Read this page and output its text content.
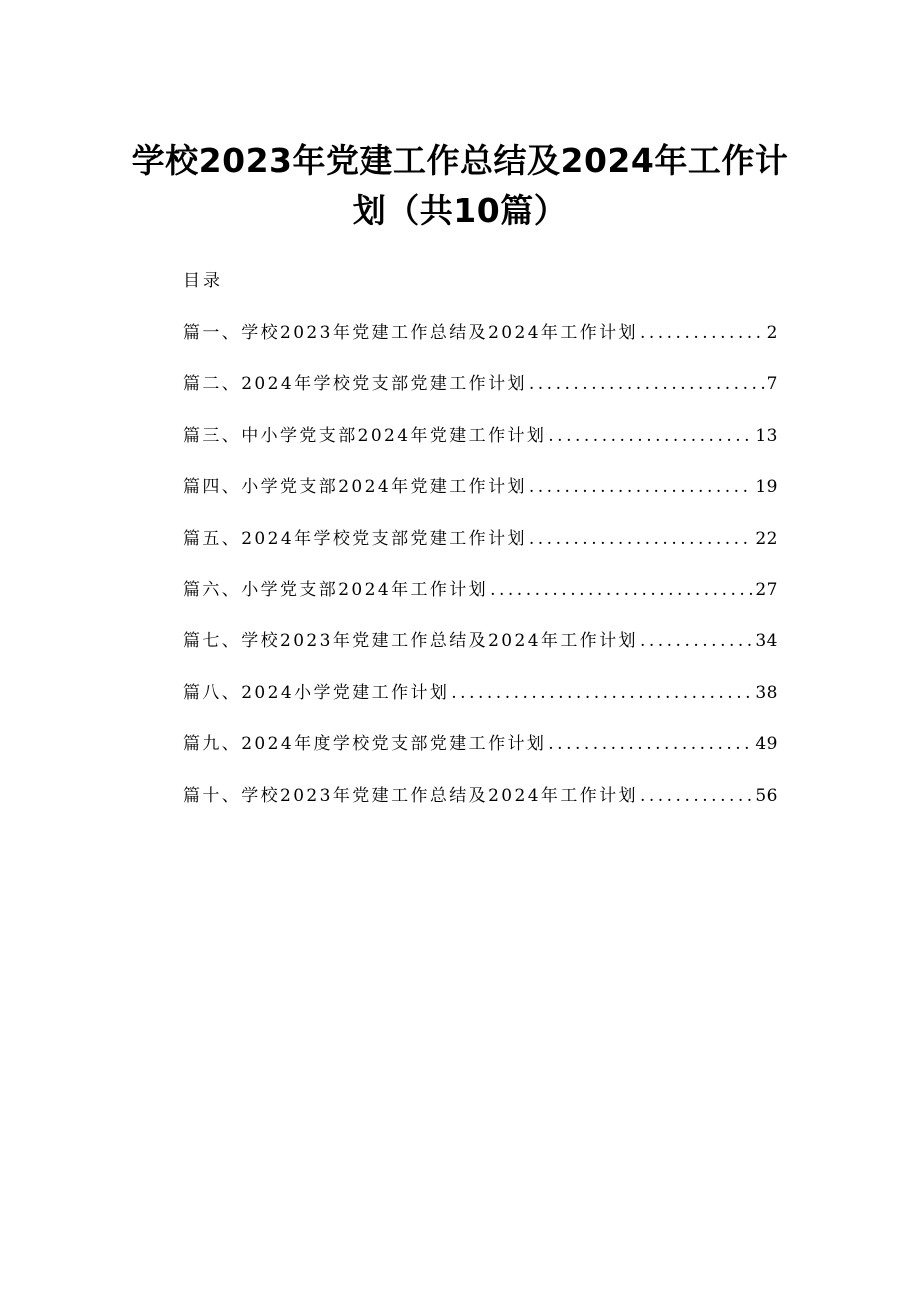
学校2023年党建工作总结及2024年工作计
划（共10篇）
目录
篇一、学校2023年党建工作总结及2024年工作计划 .....	2
篇二、2024年学校党支部党建工作计划 .....	7
篇三、中小学党支部2024年党建工作计划 .....	13
篇四、小学党支部2024年党建工作计划 .....	19
篇五、2024年学校党支部党建工作计划 .....	22
篇六、小学党支部2024年工作计划 .....	27
篇七、学校2023年党建工作总结及2024年工作计划 .....	34
篇八、2024小学党建工作计划 .....	38
篇九、2024年度学校党支部党建工作计划 .....	49
篇十、学校2023年党建工作总结及2024年工作计划 .....	56
